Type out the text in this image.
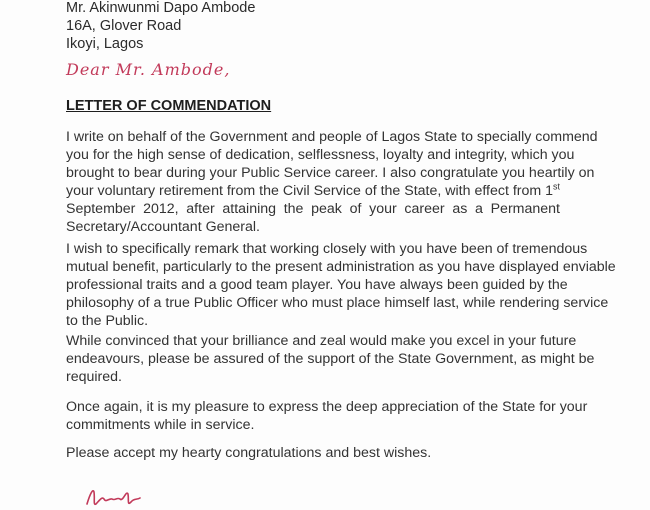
Mr. Akinwunmi Dapo Ambode
16A, Glover Road
Ikoyi, Lagos
Dear Mr. Ambode,
LETTER OF COMMENDATION
I write on behalf of the Government and people of Lagos State to specially commend
you for the high sense of dedication, selflessness, loyalty and integrity, which you
brought to bear during your Public Service career. I also congratulate you heartily on
your voluntary retirement from the Civil Service of the State, with effect from 1st
September 2012, after attaining the peak of your career as a Permanent
Secretary/Accountant General.
I wish to specifically remark that working closely with you have been of tremendous
mutual benefit, particularly to the present administration as you have displayed enviable
professional traits and a good team player. You have always been guided by the
philosophy of a true Public Officer who must place himself last, while rendering service
to the Public.
While convinced that your brilliance and zeal would make you excel in your future
endeavours, please be assured of the support of the State Government, as might be
required.
Once again, it is my pleasure to express the deep appreciation of the State for your
commitments while in service.
Please accept my hearty congratulations and best wishes.
